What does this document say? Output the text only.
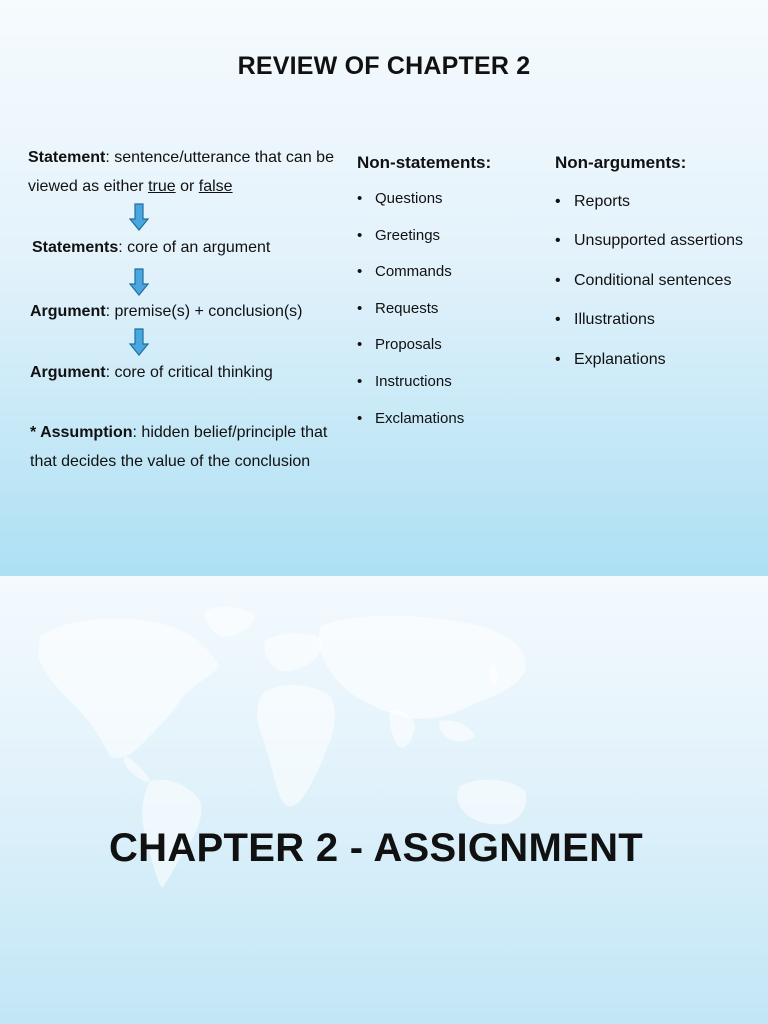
REVIEW OF CHAPTER 2

Statement: sentence/utterance that can be viewed as either true or false

Statements: core of an argument

Argument: premise(s) + conclusion(s)

Argument: core of critical thinking

* Assumption: hidden belief/principle that that decides the value of the conclusion

Non-statements:

• Questions
• Greetings
• Commands
• Requests
• Proposals
• Instructions
• Exclamations

Non-arguments:

• Reports
• Unsupported assertions
• Conditional sentences
• Illustrations
• Explanations
CHAPTER 2 - ASSIGNMENT
